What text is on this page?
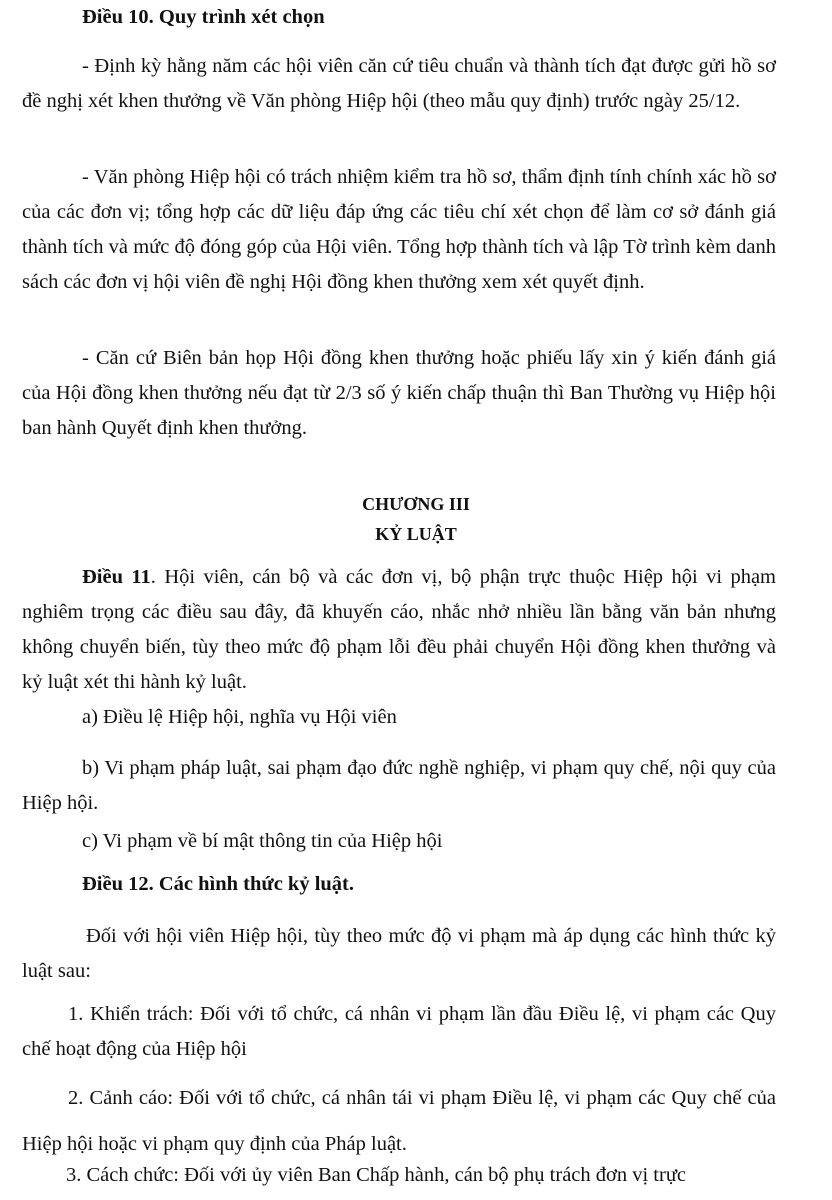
Điều 10. Quy trình xét chọn
- Định kỳ hằng năm các hội viên căn cứ tiêu chuẩn và thành tích đạt được gửi hồ sơ đề nghị xét khen thưởng về Văn phòng Hiệp hội (theo mẫu quy định) trước ngày 25/12.
- Văn phòng Hiệp hội có trách nhiệm kiểm tra hồ sơ, thẩm định tính chính xác hồ sơ của các đơn vị; tổng hợp các dữ liệu đáp ứng các tiêu chí xét chọn để làm cơ sở đánh giá thành tích và mức độ đóng góp của Hội viên. Tổng hợp thành tích và lập Tờ trình kèm danh sách các đơn vị hội viên đề nghị Hội đồng khen thưởng xem xét quyết định.
- Căn cứ Biên bản họp Hội đồng khen thưởng hoặc phiếu lấy xin ý kiến đánh giá của Hội đồng khen thưởng nếu đạt từ 2/3 số ý kiến chấp thuận thì Ban Thường vụ Hiệp hội ban hành Quyết định khen thưởng.
CHƯƠNG III
KỶ LUẬT
Điều 11. Hội viên, cán bộ và các đơn vị, bộ phận trực thuộc Hiệp hội vi phạm nghiêm trọng các điều sau đây, đã khuyến cáo, nhắc nhở nhiều lần bằng văn bản nhưng không chuyển biến, tùy theo mức độ phạm lỗi đều phải chuyển Hội đồng khen thưởng và kỷ luật xét thi hành kỷ luật.
a) Điều lệ Hiệp hội, nghĩa vụ Hội viên
b) Vi phạm pháp luật, sai phạm đạo đức nghề nghiệp, vi phạm quy chế, nội quy của Hiệp hội.
c) Vi phạm về bí mật thông tin của Hiệp hội
Điều 12. Các hình thức kỷ luật.
Đối với hội viên Hiệp hội, tùy theo mức độ vi phạm mà áp dụng các hình thức kỷ luật sau:
1. Khiển trách: Đối với tổ chức, cá nhân vi phạm lần đầu Điều lệ, vi phạm các Quy chế hoạt động của Hiệp hội
2. Cảnh cáo: Đối với tổ chức, cá nhân tái vi phạm Điều lệ, vi phạm các Quy chế của Hiệp hội hoặc vi phạm quy định của Pháp luật.
3. Cách chức: Đối với ủy viên Ban Chấp hành, cán bộ phụ trách đơn vị trực
